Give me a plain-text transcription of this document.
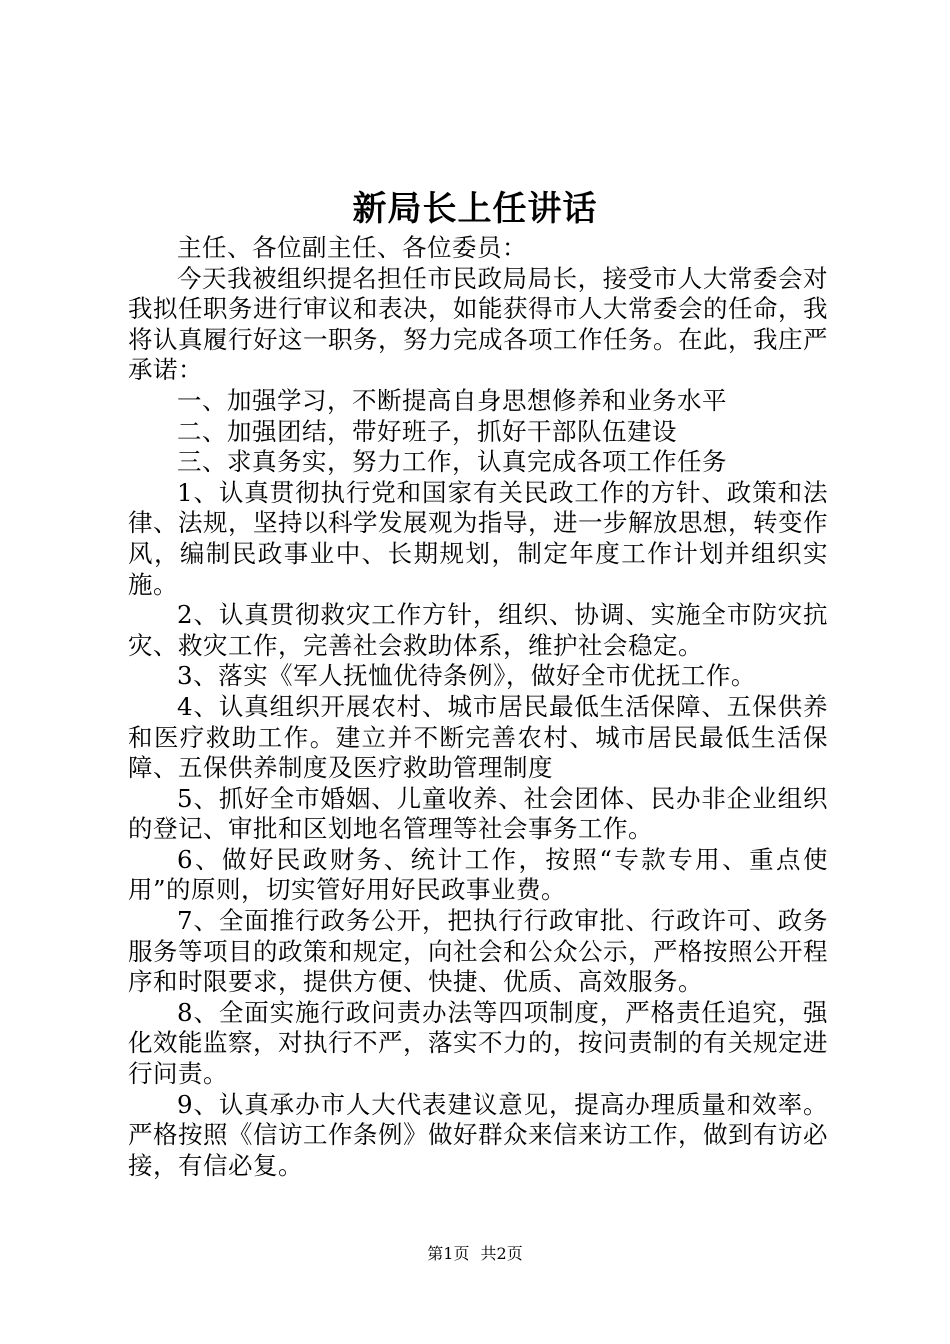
新局长上任讲话

主任、各位副主任、各位委员：

今天我被组织提名担任市民政局局长，接受市人大常委会对我拟任职务进行审议和表决，如能获得市人大常委会的任命，我将认真履行好这一职务，努力完成各项工作任务。在此，我庄严承诺：

一、加强学习，不断提高自身思想修养和业务水平

二、加强团结，带好班子，抓好干部队伍建设

三、求真务实，努力工作，认真完成各项工作任务

1、认真贯彻执行党和国家有关民政工作的方针、政策和法律、法规，坚持以科学发展观为指导，进一步解放思想，转变作风，编制民政事业中、长期规划，制定年度工作计划并组织实施。

2、认真贯彻救灾工作方针，组织、协调、实施全市防灾抗灾、救灾工作，完善社会救助体系，维护社会稳定。

3、落实《军人抚恤优待条例》，做好全市优抚工作。

4、认真组织开展农村、城市居民最低生活保障、五保供养和医疗救助工作。建立并不断完善农村、城市居民最低生活保障、五保供养制度及医疗救助管理制度

5、抓好全市婚姻、儿童收养、社会团体、民办非企业组织的登记、审批和区划地名管理等社会事务工作。

6、做好民政财务、统计工作，按照“专款专用、重点使用”的原则，切实管好用好民政事业费。

7、全面推行政务公开，把执行行政审批、行政许可、政务服务等项目的政策和规定，向社会和公众公示，严格按照公开程序和时限要求，提供方便、快捷、优质、高效服务。

8、全面实施行政问责办法等四项制度，严格责任追究，强化效能监察，对执行不严，落实不力的，按问责制的有关规定进行问责。

9、认真承办市人大代表建议意见，提高办理质量和效率。严格按照《信访工作条例》做好群众来信来访工作，做到有访必接，有信必复。

第1页 共2页
